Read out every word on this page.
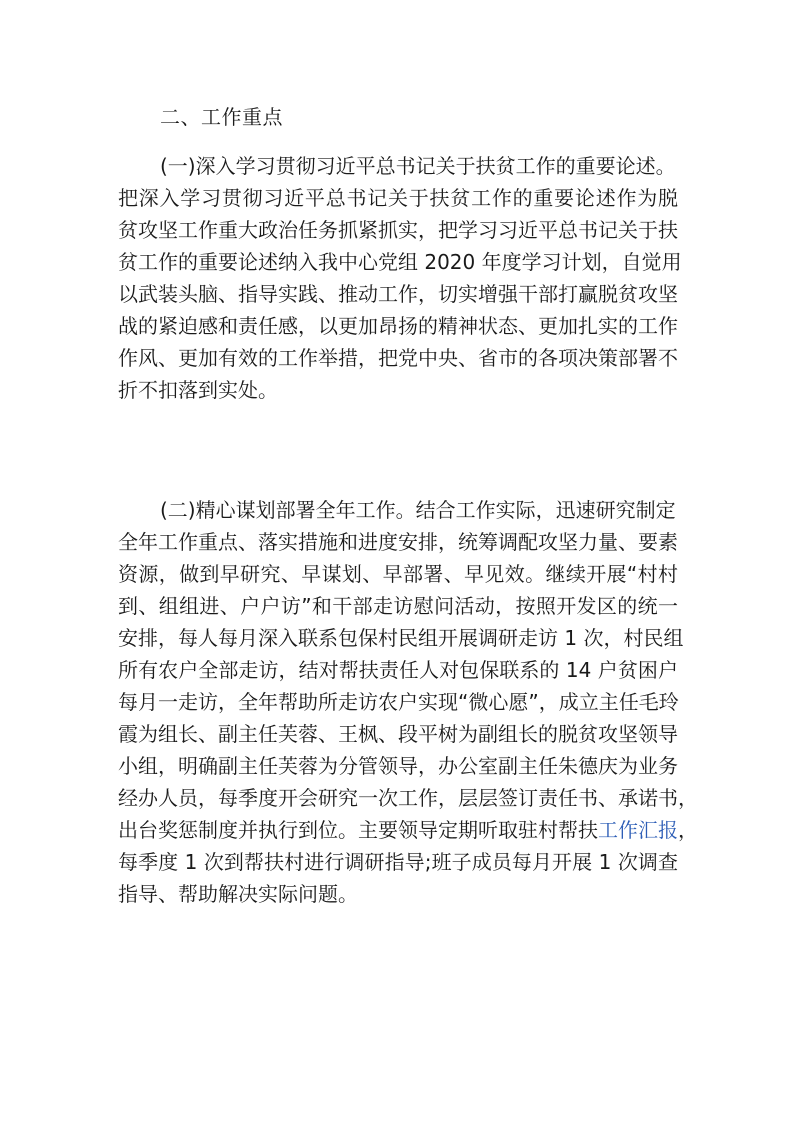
二、工作重点
(一)深入学习贯彻习近平总书记关于扶贫工作的重要论述。
把深入学习贯彻习近平总书记关于扶贫工作的重要论述作为脱
贫攻坚工作重大政治任务抓紧抓实，把学习习近平总书记关于扶
贫工作的重要论述纳入我中心党组 2020 年度学习计划，自觉用
以武装头脑、指导实践、推动工作，切实增强干部打赢脱贫攻坚
战的紧迫感和责任感，以更加昂扬的精神状态、更加扎实的工作
作风、更加有效的工作举措，把党中央、省市的各项决策部署不
折不扣落到实处。
(二)精心谋划部署全年工作。结合工作实际，迅速研究制定
全年工作重点、落实措施和进度安排，统筹调配攻坚力量、要素
资源，做到早研究、早谋划、早部署、早见效。继续开展“村村
到、组组进、户户访”和干部走访慰问活动，按照开发区的统一
安排，每人每月深入联系包保村民组开展调研走访 1 次，村民组
所有农户全部走访，结对帮扶责任人对包保联系的 14 户贫困户
每月一走访，全年帮助所走访农户实现“微心愿”，成立主任毛玲
霞为组长、副主任芙蓉、王枫、段平树为副组长的脱贫攻坚领导
小组，明确副主任芙蓉为分管领导，办公室副主任朱德庆为业务
经办人员，每季度开会研究一次工作，层层签订责任书、承诺书，
出台奖惩制度并执行到位。主要领导定期听取驻村帮扶工作汇报，
每季度 1 次到帮扶村进行调研指导;班子成员每月开展 1 次调查
指导、帮助解决实际问题。
